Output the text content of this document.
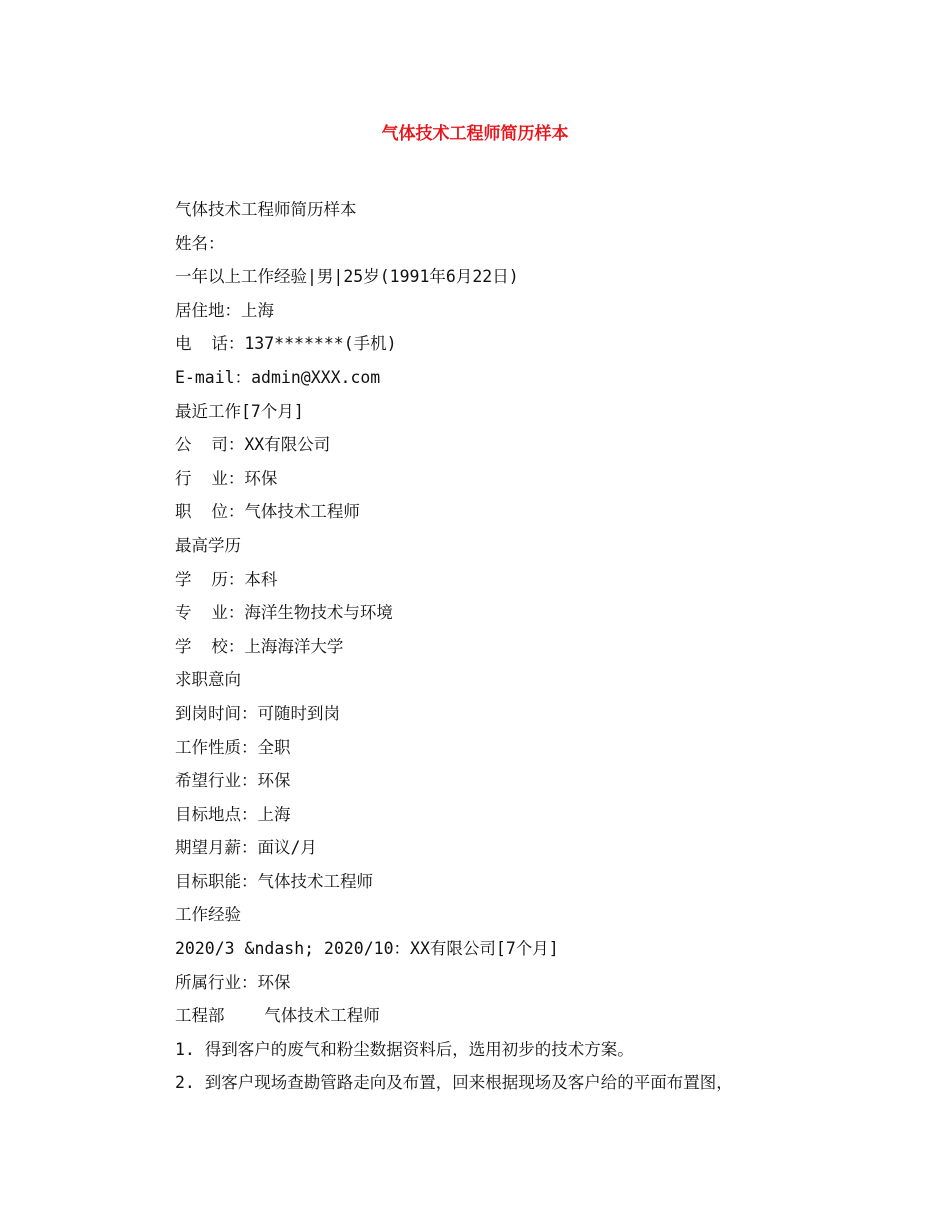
气体技术工程师简历样本
气体技术工程师简历样本
姓名：
一年以上工作经验|男|25岁(1991年6月22日)
居住地：上海
电  话：137*******(手机)
E-mail：admin@XXX.com
最近工作[7个月]
公  司：XX有限公司
行  业：环保
职  位：气体技术工程师
最高学历
学  历：本科
专  业：海洋生物技术与环境
学  校：上海海洋大学
求职意向
到岗时间：可随时到岗
工作性质：全职
希望行业：环保
目标地点：上海
期望月薪：面议/月
目标职能：气体技术工程师
工作经验
2020/3 &ndash; 2020/10：XX有限公司[7个月]
所属行业：环保
工程部    气体技术工程师
1. 得到客户的废气和粉尘数据资料后，选用初步的技术方案。
2. 到客户现场查勘管路走向及布置，回来根据现场及客户给的平面布置图，
